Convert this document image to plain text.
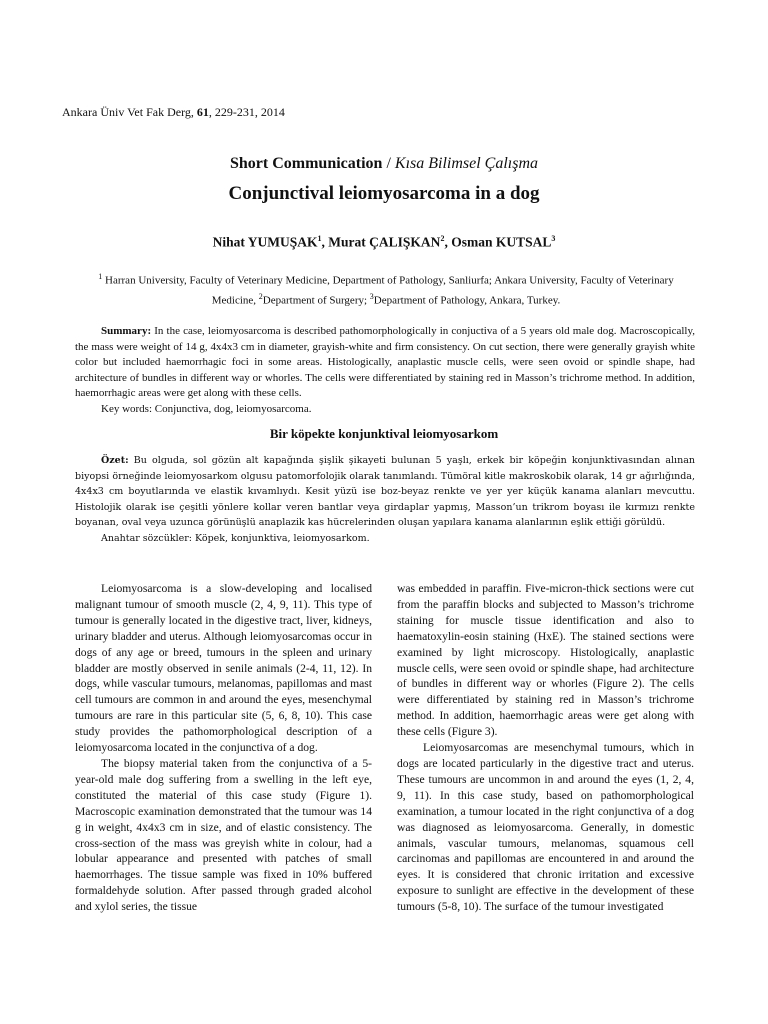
Ankara Üniv Vet Fak Derg, 61, 229-231, 2014
Short Communication / Kısa Bilimsel Çalışma
Conjunctival leiomyosarcoma in a dog
Nihat YUMUŞAK$^1$, Murat ÇALIŞKAN$^2$, Osman KUTSAL$^3$
$^1$ Harran University, Faculty of Veterinary Medicine, Department of Pathology, Sanliurfa; Ankara University, Faculty of Veterinary Medicine, $^2$Department of Surgery; $^3$Department of Pathology, Ankara, Turkey.

Summary: In the case, leiomyosarcoma is described pathomorphologically in conjuctiva of a 5 years old male dog. Macroscopically, the mass were weight of 14 g, 4x4x3 cm in diameter, grayish-white and firm consistency. On cut section, there were generally grayish white color but included haemorrhagic foci in some areas. Histologically, anaplastic muscle cells, were seen ovoid or spindle shape, had architecture of bundles in different way or whorles. The cells were differentiated by staining red in Masson’s trichrome method. In addition, haemorrhagic areas were get along with these cells.

Key words: Conjunctiva, dog, leiomyosarcoma.

Bir köpekte konjunktival leiomyosarkom

Özet: Bu olguda, sol gözün alt kapağında şişlik şikayeti bulunan 5 yaşlı, erkek bir köpeğin konjunktivasından alınan biyopsi örneğinde leiomyosarkom olgusu patomorfolojik olarak tanımlandı. Tümöral kitle makroskobik olarak, 14 gr ağırlığında, 4x4x3 cm boyutlarında ve elastik kıvamlıydı. Kesit yüzü ise boz-beyaz renkte ve yer yer küçük kanama alanları mevcuttu. Histolojik olarak ise çeşitli yönlere kollar veren bantlar veya girdaplar yapmış, Masson’un trikrom boyası ile kırmızı renkte boyanan, oval veya uzunca görünüşlü anaplazik kas hücrelerinden oluşan yapılara kanama alanlarının eşlik ettiği görüldü.

Anahtar sözcükler: Köpek, konjunktiva, leiomyosarkom.

Leiomyosarcoma is a slow-developing and localised malignant tumour of smooth muscle (2, 4, 9, 11). This type of tumour is generally located in the digestive tract, liver, kidneys, urinary bladder and uterus. Although leiomyosarcomas occur in dogs of any age or breed, tumours in the spleen and urinary bladder are mostly observed in senile animals (2-4, 11, 12). In dogs, while vascular tumours, melanomas, papillomas and mast cell tumours are common in and around the eyes, mesenchymal tumours are rare in this particular site (5, 6, 8, 10). This case study provides the pathomorphological description of a leiomyosarcoma located in the conjunctiva of a dog.

The biopsy material taken from the conjunctiva of a 5-year-old male dog suffering from a swelling in the left eye, constituted the material of this case study (Figure 1). Macroscopic examination demonstrated that the tumour was 14 g in weight, 4x4x3 cm in size, and of elastic consistency. The cross-section of the mass was greyish white in colour, had a lobular appearance and presented with patches of small haemorrhages. The tissue sample was fixed in 10% buffered formaldehyde solution. After passed through graded alcohol and xylol series, the tissue

was embedded in paraffin. Five-micron-thick sections were cut from the paraffin blocks and subjected to Masson’s trichrome staining for muscle tissue identification and also to haematoxylin-eosin staining (HxE). The stained sections were examined by light microscopy. Histologically, anaplastic muscle cells, were seen ovoid or spindle shape, had architecture of bundles in different way or whorles (Figure 2). The cells were differentiated by staining red in Masson’s trichrome method. In addition, haemorrhagic areas were get along with these cells (Figure 3).

Leiomyosarcomas are mesenchymal tumours, which in dogs are located particularly in the digestive tract and uterus. These tumours are uncommon in and around the eyes (1, 2, 4, 9, 11). In this case study, based on pathomorphological examination, a tumour located in the right conjunctiva of a dog was diagnosed as leiomyosarcoma. Generally, in domestic animals, vascular tumours, melanomas, squamous cell carcinomas and papillomas are encountered in and around the eyes. It is considered that chronic irritation and excessive exposure to sunlight are effective in the development of these tumours (5-8, 10). The surface of the tumour investigated
